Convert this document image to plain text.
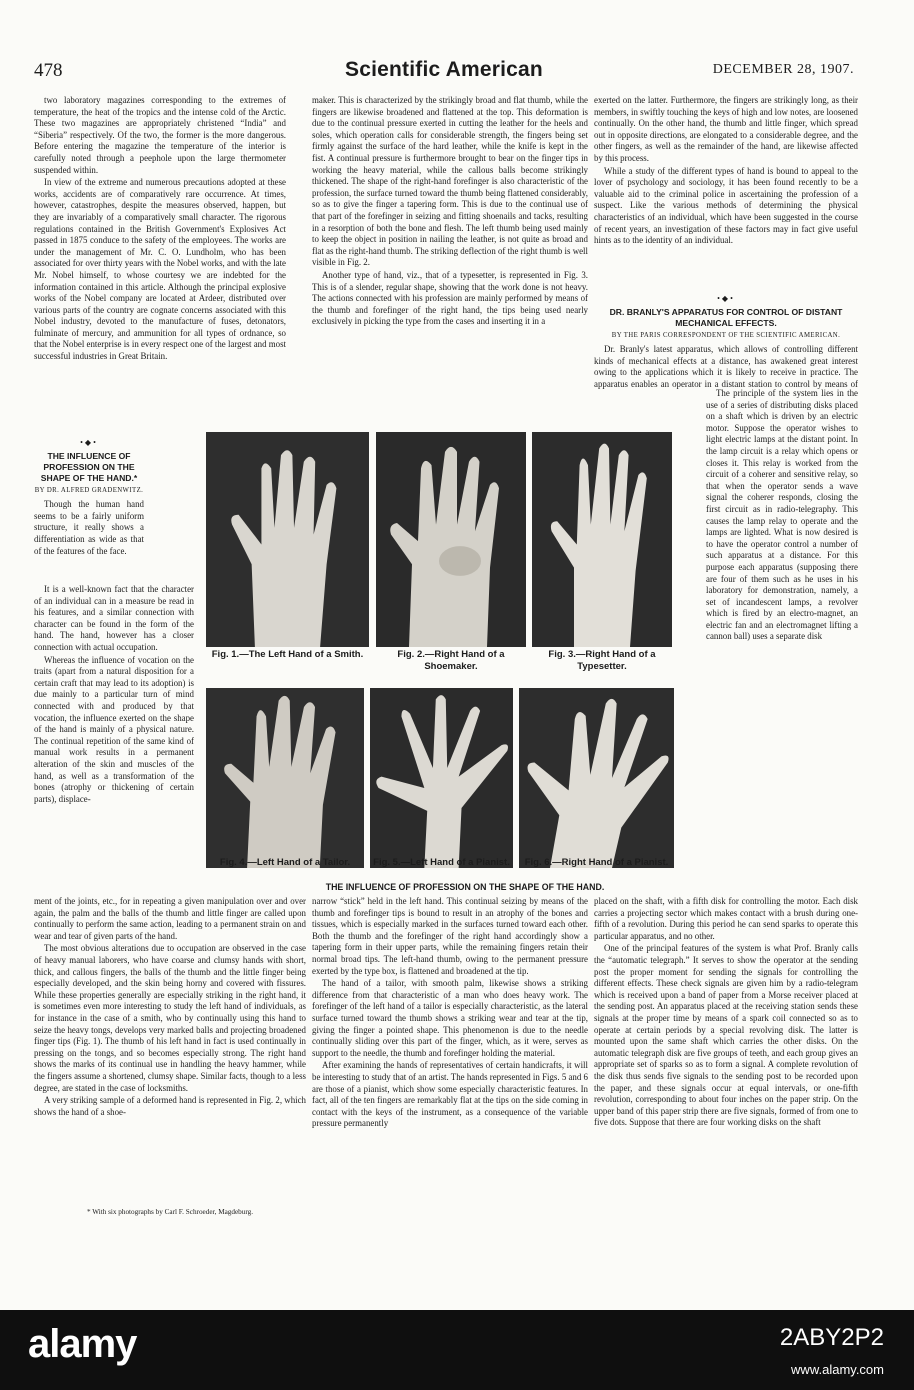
478	Scientific American	DECEMBER 28, 1907.

two laboratory magazines corresponding to the extremes of temperature, the heat of the tropics and the intense cold of the Arctic. These two magazines are appropriately christened “India” and “Siberia” respectively. Of the two, the former is the more dangerous. Before entering the magazine the temperature of the interior is carefully noted through a peephole upon the large thermometer suspended within.

In view of the extreme and numerous precautions adopted at these works, accidents are of comparatively rare occurrence. At times, however, catastrophes, despite the measures observed, happen, but they are invariably of a comparatively small character. The rigorous regulations contained in the British Government's Explosives Act passed in 1875 conduce to the safety of the employees. The works are under the management of Mr. C. O. Lundholm, who has been associated for over thirty years with the Nobel works, and with the late Mr. Nobel himself, to whose courtesy we are indebted for the information contained in this article. Although the principal explosive works of the Nobel company are located at Ardeer, distributed over various parts of the country are cognate concerns associated with this Nobel industry, devoted to the manufacture of fuses, detonators, fulminate of mercury, and ammunition for all types of ordnance, so that the Nobel enterprise is in every respect one of the largest and most successful industries in Great Britain.

•◆•
THE INFLUENCE OF PROFESSION ON THE SHAPE OF THE HAND.*
BY DR. ALFRED GRADENWITZ.

Though the human hand seems to be a fairly uniform structure, it really shows a differentiation as wide as that of the features of the face.

It is a well-known fact that the character of an individual can in a measure be read in his features, and a similar connection with character can be found in the form of the hand. The hand, however has a closer connection with actual occupation.

Whereas the influence of vocation on the traits (apart from a natural disposition for a certain craft that may lead to its adoption) is due mainly to a particular turn of mind connected with and produced by that vocation, the influence exerted on the shape of the hand is mainly of a physical nature. The continual repetition of the same kind of manual work results in a permanent alteration of the skin and muscles of the hand, as well as a transformation of the bones (atrophy or thickening of certain parts), displace-

maker. This is characterized by the strikingly broad and flat thumb, while the fingers are likewise broadened and flattened at the top. This deformation is due to the continual pressure exerted in cutting the leather for the heels and soles, which operation calls for considerable strength, the fingers being set firmly against the surface of the hard leather, while the knife is kept in the fist. A continual pressure is furthermore brought to bear on the finger tips in working the heavy material, while the callous balls become strikingly thickened. The shape of the right-hand forefinger is also characteristic of the profession, the surface turned toward the thumb being flattened considerably, so as to give the finger a tapering form. This is due to the continual use of that part of the forefinger in seizing and fitting shoenails and tacks, resulting in a resorption of both the bone and flesh. The left thumb being used mainly to keep the object in position in nailing the leather, is not quite as broad and flat as the right-hand thumb. The striking deflection of the right thumb is well visible in Fig. 2.

Another type of hand, viz., that of a typesetter, is represented in Fig. 3. This is of a slender, regular shape, showing that the work done is not heavy. The actions connected with his profession are mainly performed by means of the thumb and forefinger of the right hand, the tips being used nearly exclusively in picking the type from the cases and inserting it in a

exerted on the latter. Furthermore, the fingers are strikingly long, as their members, in swiftly touching the keys of high and low notes, are loosened continually. On the other hand, the thumb and little finger, which spread out in opposite directions, are elongated to a considerable degree, and the other fingers, as well as the remainder of the hand, are likewise affected by this process.

While a study of the different types of hand is bound to appeal to the lover of psychology and sociology, it has been found recently to be a valuable aid to the criminal police in ascertaining the profession of a suspect. Like the various methods of determining the physical characteristics of an individual, which have been suggested in the course of recent years, an investigation of these factors may in fact give useful hints as to the identity of an individual.

•◆•
DR. BRANLY'S APPARATUS FOR CONTROL OF DISTANT MECHANICAL EFFECTS.
BY THE PARIS CORRESPONDENT OF THE SCIENTIFIC AMERICAN.

Dr. Branly's latest apparatus, which allows of controlling different kinds of mechanical effects at a distance, has awakened great interest owing to the applications which it is likely to receive in practice. The apparatus enables an operator in a distant station to control by means of

The principle of the system lies in the use of a series of distributing disks placed on a shaft which is driven by an electric motor. Suppose the operator wishes to light electric lamps at the distant point. In the lamp circuit is a relay which opens or closes it. This relay is worked from the circuit of a coherer and sensitive relay, so that when the operator sends a wave signal the coherer responds, closing the first circuit as in radio-telegraphy. This causes the lamp relay to operate and the lamps are lighted. What is now desired is to have the operator control a number of such apparatus at a distance. For this purpose each apparatus (supposing there are four of them such as he uses in his laboratory for demonstration, namely, a set of incandescent lamps, a revolver which is fired by an electro-magnet, an electric fan and an electromagnet lifting a cannon ball) uses a separate disk

Fig. 1.—The Left Hand of a Smith.	Fig. 2.—Right Hand of a Shoemaker.
Fig. 3.—Right Hand of a Typesetter.
Fig. 4.—Left Hand of a Tailor.	Fig. 5.—Left Hand of a Pianist.	Fig. 6.—Right Hand of a Pianist.
THE INFLUENCE OF PROFESSION ON THE SHAPE OF THE HAND.

ment of the joints, etc., for in repeating a given manipulation over and over again, the palm and the balls of the thumb and little finger are called upon continually to perform the same action, leading to a permanent strain on and wear and tear of given parts of the hand.

The most obvious alterations due to occupation are observed in the case of heavy manual laborers, who have coarse and clumsy hands with short, thick, and callous fingers, the balls of the thumb and the little finger being especially developed, and the skin being horny and covered with fissures. While these properties generally are especially striking in the right hand, it is sometimes even more interesting to study the left hand of individuals, as for instance in the case of a smith, who by continually using this hand to seize the heavy tongs, develops very marked balls and projecting broadened finger tips (Fig. 1). The thumb of his left hand in fact is used continually in pressing on the tongs, and so becomes especially strong. The right hand shows the marks of its continual use in handling the heavy hammer, while the fingers assume a shortened, clumsy shape. Similar facts, though to a less degree, are stated in the case of locksmiths.

A very striking sample of a deformed hand is represented in Fig. 2, which shows the hand of a shoe-

narrow “stick” held in the left hand. This continual seizing by means of the thumb and forefinger tips is bound to result in an atrophy of the bones and tissues, which is especially marked in the surfaces turned toward each other. Both the thumb and the forefinger of the right hand accordingly show a tapering form in their upper parts, while the remaining fingers retain their normal broad tips. The left-hand thumb, owing to the permanent pressure exerted by the type box, is flattened and broadened at the tip.

The hand of a tailor, with smooth palm, likewise shows a striking difference from that characteristic of a man who does heavy work. The forefinger of the left hand of a tailor is especially characteristic, as the lateral surface turned toward the thumb shows a striking wear and tear at the tip, giving the finger a pointed shape. This phenomenon is due to the needle continually sliding over this part of the finger, which, as it were, serves as support to the needle, the thumb and forefinger holding the material.

After examining the hands of representatives of certain handicrafts, it will be interesting to study that of an artist. The hands represented in Figs. 5 and 6 are those of a pianist, which show some especially characteristic features. In fact, all of the ten fingers are remarkably flat at the tips on the side coming in contact with the keys of the instrument, as a consequence of the variable pressure permanently

placed on the shaft, with a fifth disk for controlling the motor. Each disk carries a projecting sector which makes contact with a brush during one-fifth of a revolution. During this period he can send sparks to operate this particular apparatus, and no other.

One of the principal features of the system is what Prof. Branly calls the “automatic telegraph.” It serves to show the operator at the sending post the proper moment for sending the signals for controlling the different effects. These check signals are given him by a radio-telegram which is received upon a band of paper from a Morse receiver placed at the sending post. An apparatus placed at the receiving station sends these signals at the proper time by means of a spark coil connected so as to operate at certain periods by a special revolving disk. The latter is mounted upon the same shaft which carries the other disks. On the automatic telegraph disk are five groups of teeth, and each group gives an appropriate set of sparks so as to form a signal. A complete revolution of the disk thus sends five signals to the sending post to be recorded upon the paper, and these signals occur at equal intervals, or one-fifth revolution, corresponding to about four inches on the paper strip. On the upper band of this paper strip there are five signals, formed of from one to five dots. Suppose that there are four working disks on the shaft

* With six photographs by Carl F. Schroeder, Magdeburg.
alamy	2ABY2P2
www.alamy.com
